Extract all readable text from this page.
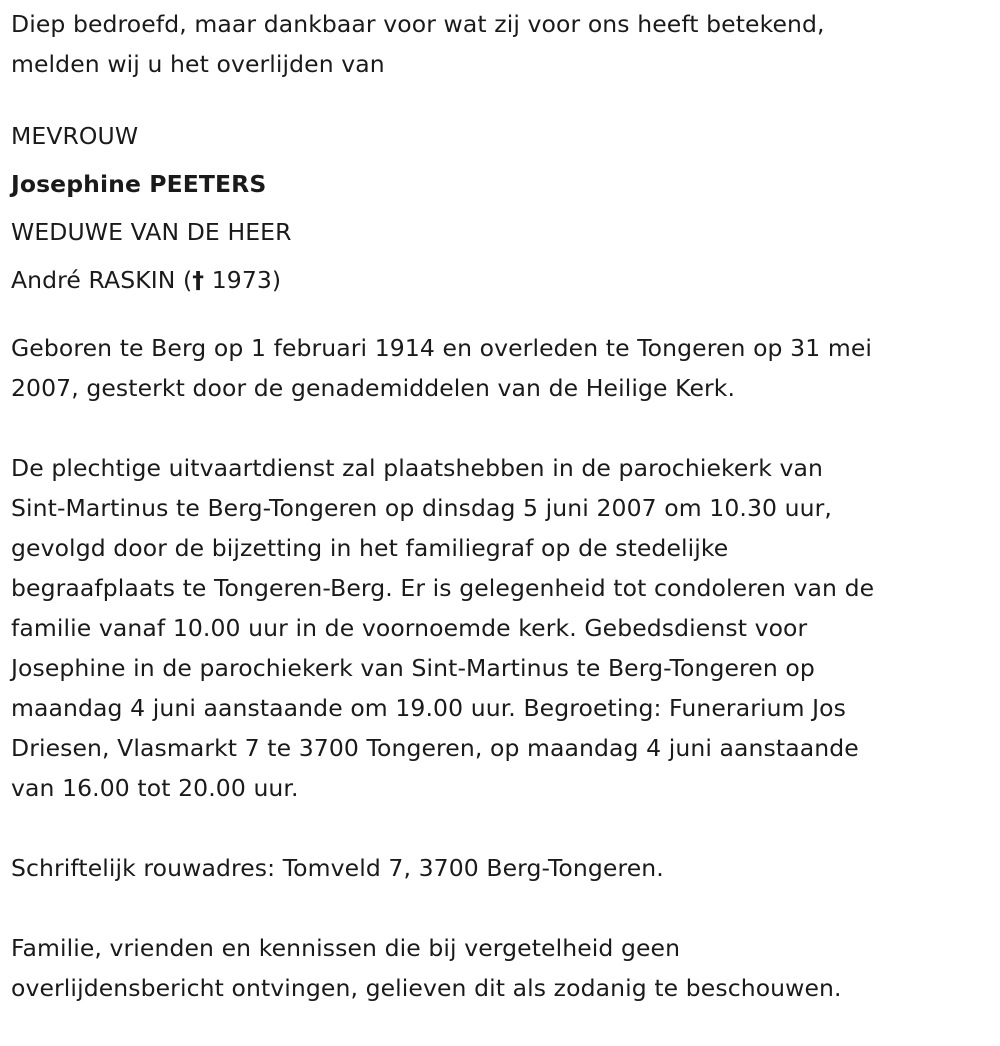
Diep bedroefd, maar dankbaar voor wat zij voor ons heeft betekend,
melden wij u het overlijden van
MEVROUW
Josephine PEETERS
WEDUWE VAN DE HEER
André RASKIN († 1973)
Geboren te Berg op 1 februari 1914 en overleden te Tongeren op 31 mei
2007, gesterkt door de genademiddelen van de Heilige Kerk.
De plechtige uitvaartdienst zal plaatshebben in de parochiekerk van
Sint-Martinus te Berg-Tongeren op dinsdag 5 juni 2007 om 10.30 uur,
gevolgd door de bijzetting in het familiegraf op de stedelijke
begraafplaats te Tongeren-Berg. Er is gelegenheid tot condoleren van de
familie vanaf 10.00 uur in de voornoemde kerk. Gebedsdienst voor
Josephine in de parochiekerk van Sint-Martinus te Berg-Tongeren op
maandag 4 juni aanstaande om 19.00 uur. Begroeting: Funerarium Jos
Driesen, Vlasmarkt 7 te 3700 Tongeren, op maandag 4 juni aanstaande
van 16.00 tot 20.00 uur.
Schriftelijk rouwadres: Tomveld 7, 3700 Berg-Tongeren.
Familie, vrienden en kennissen die bij vergetelheid geen
overlijdensbericht ontvingen, gelieven dit als zodanig te beschouwen.
